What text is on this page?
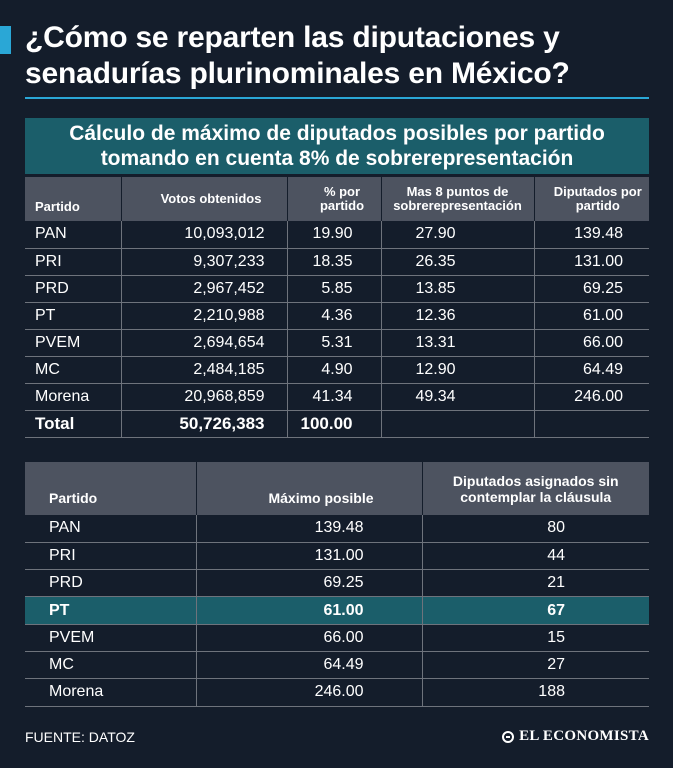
¿Cómo se reparten las diputaciones y senadurías plurinominales en México?
Cálculo de máximo de diputados posibles por partido
tomando en cuenta 8% de sobrerepresentación
Partido	Votos obtenidos	% por partido	Mas 8 puntos de sobrerepresentación	Diputados por partido
PAN	10,093,012	19.90	27.90	139.48
PRI	9,307,233	18.35	26.35	131.00
PRD	2,967,452	5.85	13.85	69.25
PT	2,210,988	4.36	12.36	61.00
PVEM	2,694,654	5.31	13.31	66.00
MC	2,484,185	4.90	12.90	64.49
Morena	20,968,859	41.34	49.34	246.00
Total	50,726,383	100.00		
Partido	Máximo posible	Diputados asignados sin contemplar la cláusula
PAN	139.48	80
PRI	131.00	44
PRD	69.25	21
PT	61.00	67
PVEM	66.00	15
MC	64.49	27
Morena	246.00	188
FUENTE: DATOZ	EL ECONOMISTA
